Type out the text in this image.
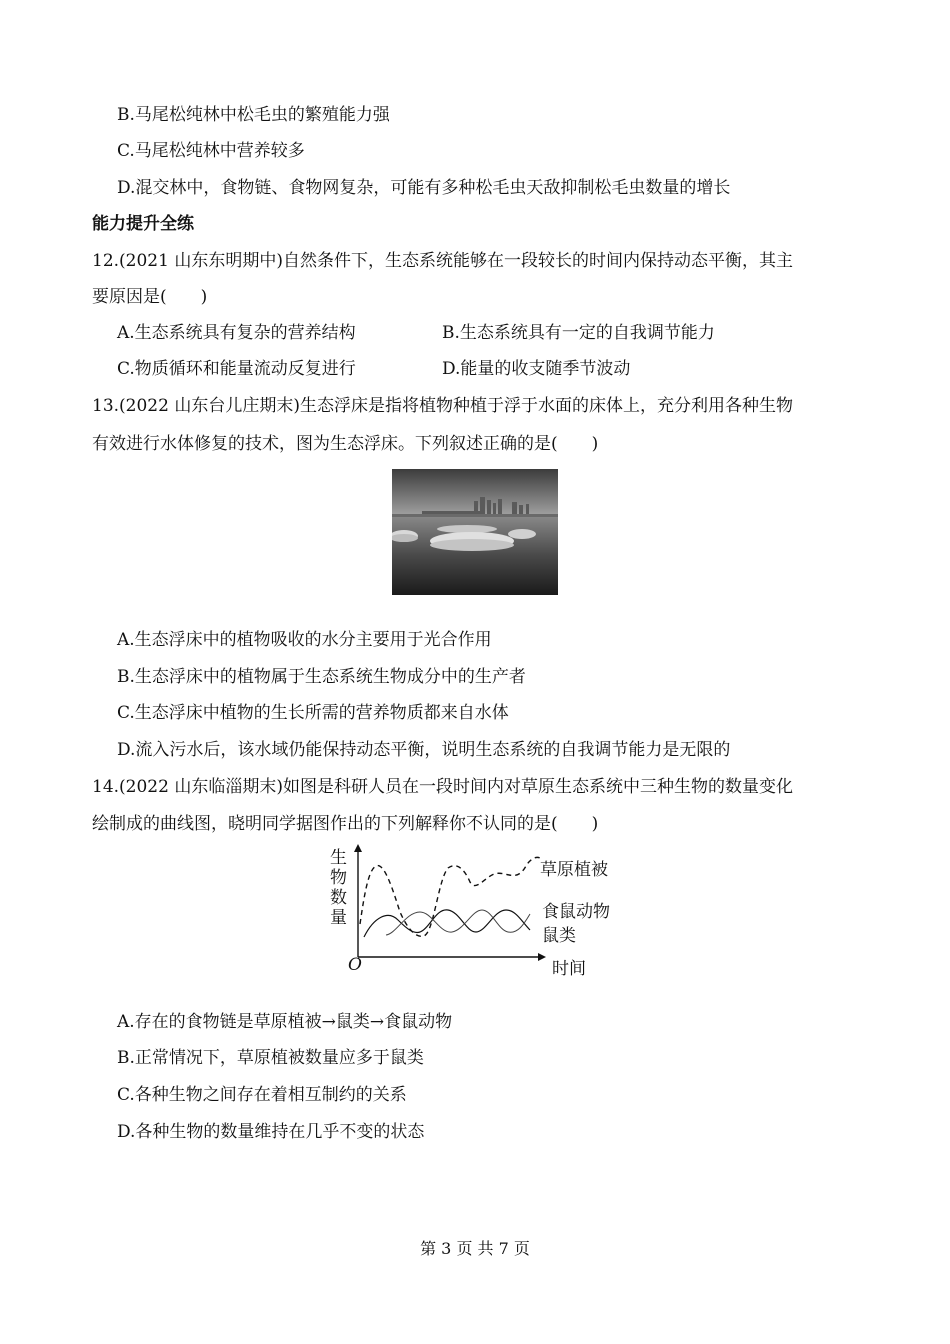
B.马尾松纯林中松毛虫的繁殖能力强
C.马尾松纯林中营养较多
D.混交林中，食物链、食物网复杂，可能有多种松毛虫天敌抑制松毛虫数量的增长
能力提升全练
12.(2021 山东东明期中)自然条件下，生态系统能够在一段较长的时间内保持动态平衡，其主
要原因是(　　)
A.生态系统具有复杂的营养结构	B.生态系统具有一定的自我调节能力
C.物质循环和能量流动反复进行	D.能量的收支随季节波动
13.(2022 山东台儿庄期末)生态浮床是指将植物种植于浮于水面的床体上，充分利用各种生物
有效进行水体修复的技术，图为生态浮床。下列叙述正确的是(　　)
A.生态浮床中的植物吸收的水分主要用于光合作用
B.生态浮床中的植物属于生态系统生物成分中的生产者
C.生态浮床中植物的生长所需的营养物质都来自水体
D.流入污水后，该水域仍能保持动态平衡，说明生态系统的自我调节能力是无限的
14.(2022 山东临淄期末)如图是科研人员在一段时间内对草原生态系统中三种生物的数量变化
绘制成的曲线图，晓明同学据图作出的下列解释你不认同的是(　　)
生
物
数
量
O	时间
草原植被
食鼠动物
鼠类
A.存在的食物链是草原植被→鼠类→食鼠动物
B.正常情况下，草原植被数量应多于鼠类
C.各种生物之间存在着相互制约的关系
D.各种生物的数量维持在几乎不变的状态
第 3 页 共 7 页
